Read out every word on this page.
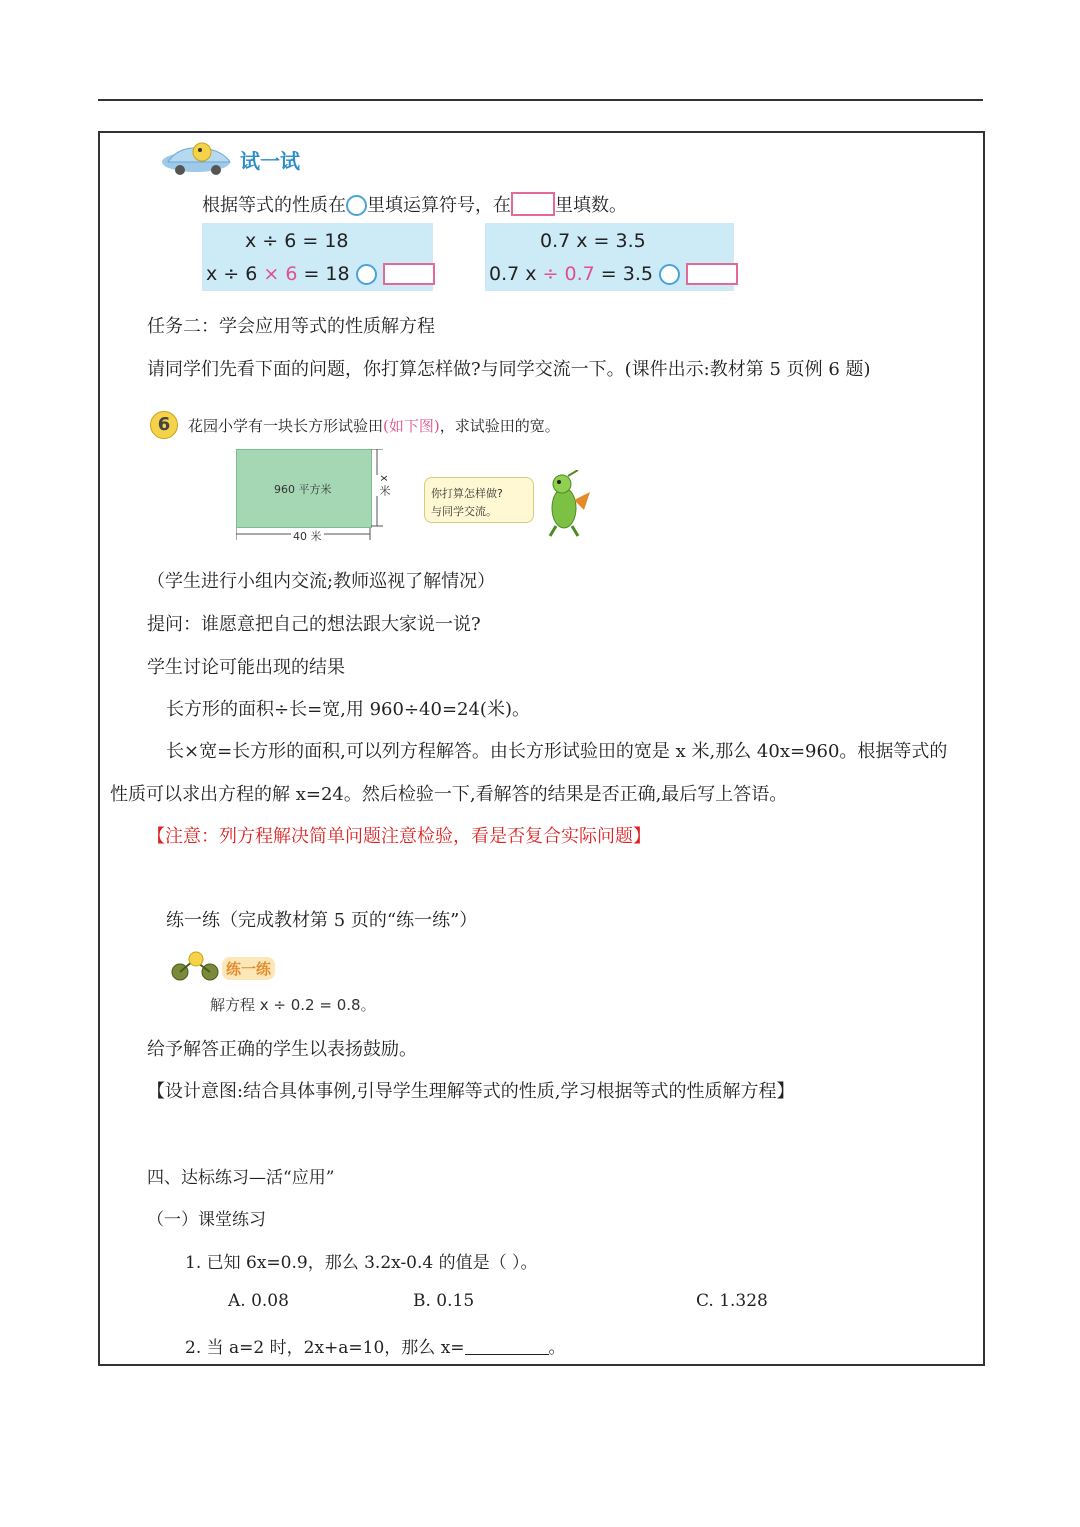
试一试
根据等式的性质在 里填运算符号，在 里填数。
x ÷ 6 = 18
x ÷ 6 × 6 = 18
0.7 x = 3.5
0.7 x ÷ 0.7 = 3.5
任务二：学会应用等式的性质解方程
请同学们先看下面的问题，你打算怎样做?与同学交流一下。(课件出示:教材第 5 页例 6 题)
6	花园小学有一块长方形试验田(如下图)，求试验田的宽。
960 平方米
40 米
x 米	你打算怎样做?
与同学交流。
（学生进行小组内交流;教师巡视了解情况）
提问：谁愿意把自己的想法跟大家说一说?
学生讨论可能出现的结果
长方形的面积÷长=宽,用 960÷40=24(米)。
长×宽=长方形的面积,可以列方程解答。由长方形试验田的宽是 x 米,那么 40x=960。根据等式的
性质可以求出方程的解 x=24。然后检验一下,看解答的结果是否正确,最后写上答语。
【注意：列方程解决简单问题注意检验，看是否复合实际问题】
练一练（完成教材第 5 页的“练一练”）
练一练
解方程 x ÷ 0.2 = 0.8。
给予解答正确的学生以表扬鼓励。
【设计意图:结合具体事例,引导学生理解等式的性质,学习根据等式的性质解方程】
四、达标练习—活“应用”
（一）课堂练习
1. 已知 6x=0.9，那么 3.2x-0.4 的值是（ ）。
A. 0.08	B. 0.15	C. 1.328
2. 当 a=2 时，2x+a=10，那么 x=	。
